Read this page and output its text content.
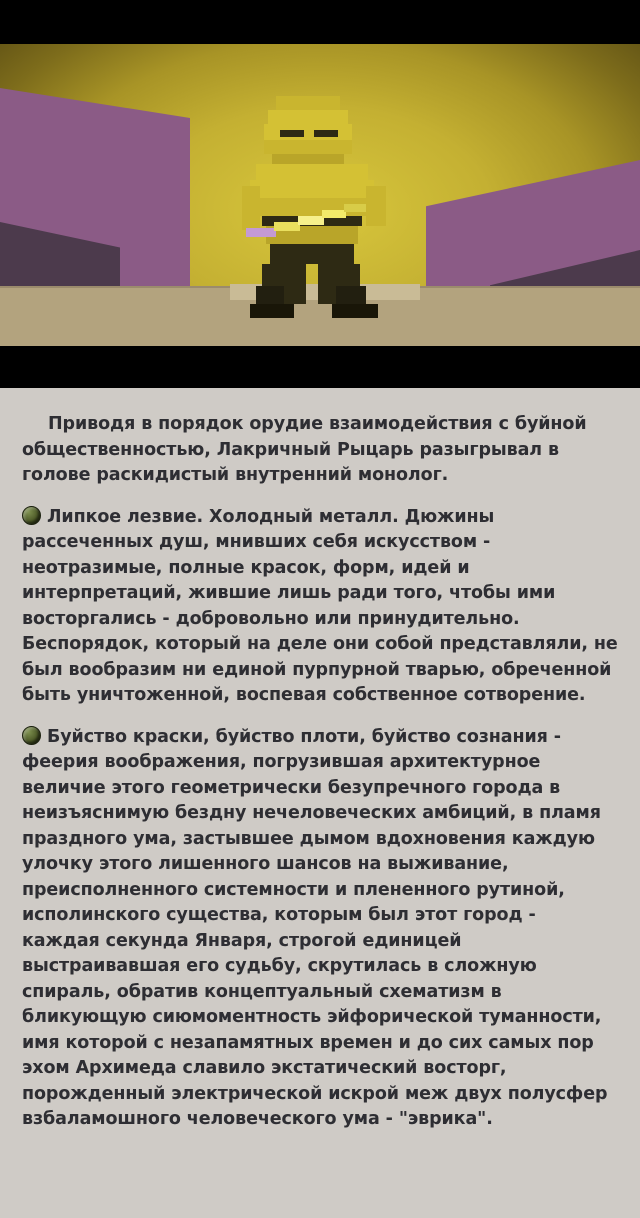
Приводя в порядок орудие взаимодействия с буйной общественностью, Лакричный Рыцарь разыгрывал в голове раскидистый внутренний монолог.

Липкое лезвие. Холодный металл. Дюжины рассеченных душ, мнивших себя искусством - неотразимые, полные красок, форм, идей и интерпретаций, жившие лишь ради того, чтобы ими восторгались - добровольно или принудительно. Беспорядок, который на деле они собой представляли, не был вообразим ни единой пурпурной тварью, обреченной быть уничтоженной, воспевая собственное сотворение.

Буйство краски, буйство плоти, буйство сознания - феерия воображения, погрузившая архитектурное величие этого геометрически безупречного города в неизъяснимую бездну нечеловеческих амбиций, в пламя праздного ума, застывшее дымом вдохновения каждую улочку этого лишенного шансов на выживание, преисполненного системности и плененного рутиной, исполинского существа, которым был этот город - каждая секунда Января, строгой единицей выстраивавшая его судьбу, скрутилась в сложную спираль, обратив концептуальный схематизм в бликующую сиюмоментность эйфорической туманности, имя которой с незапамятных времен и до сих самых пор эхом Архимеда славило экстатический восторг, порожденный электрической искрой меж двух полусфер взбаламошного человеческого ума - "эврика".
